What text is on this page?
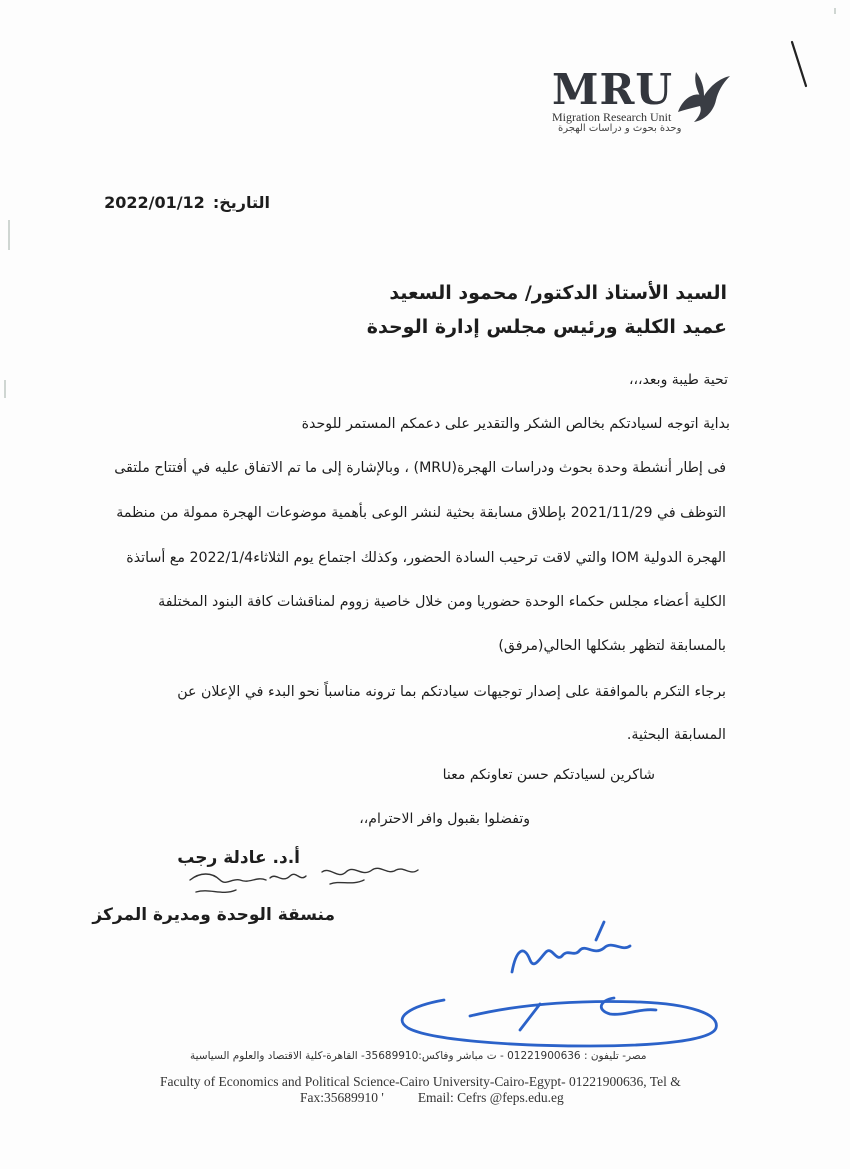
MRU
Migration Research Unit
وحدة بحوث و دراسات الهجرة
التاريخ:2022/01/12
السيد الأستاذ الدكتور/ محمود السعيد
عميد الكلية ورئيس مجلس إدارة الوحدة
تحية طيبة وبعد،،،
بداية اتوجه لسيادتكم بخالص الشكر والتقدير على دعمكم المستمر للوحدة
فى إطار أنشطة وحدة بحوث ودراسات الهجرة(MRU) ، وبالإشارة إلى ما تم الاتفاق عليه في أفتتاح ملتقى
التوظف في 2021/11/29 بإطلاق مسابقة بحثية لنشر الوعى بأهمية موضوعات الهجرة ممولة من منظمة
الهجرة الدولية IOM والتي لاقت ترحيب السادة الحضور، وكذلك اجتماع يوم الثلاثاء2022/1/4 مع أساتذة
الكلية أعضاء مجلس حكماء الوحدة حضوريا ومن خلال خاصية زووم لمناقشات كافة البنود المختلفة
بالمسابقة لتظهر بشكلها الحالي(مرفق)
برجاء التكرم بالموافقة على إصدار توجيهات سيادتكم بما ترونه مناسباً نحو البدء في الإعلان عن
المسابقة البحثية.
شاكرين لسيادتكم حسن تعاونكم معنا
وتفضلوا بقبول وافر الاحترام،،
أ.د. عادلة رجب
منسقة الوحدة ومديرة المركز
مصر- تليفون : 01221900636 - ت مباشر وفاكس:35689910- القاهرة-كلية الاقتصاد والعلوم السياسية
Faculty of Economics and Political Science-Cairo University-Cairo-Egypt- 01221900636, Tel &
Fax:35689910 '	Email: Cefrs @feps.edu.eg
